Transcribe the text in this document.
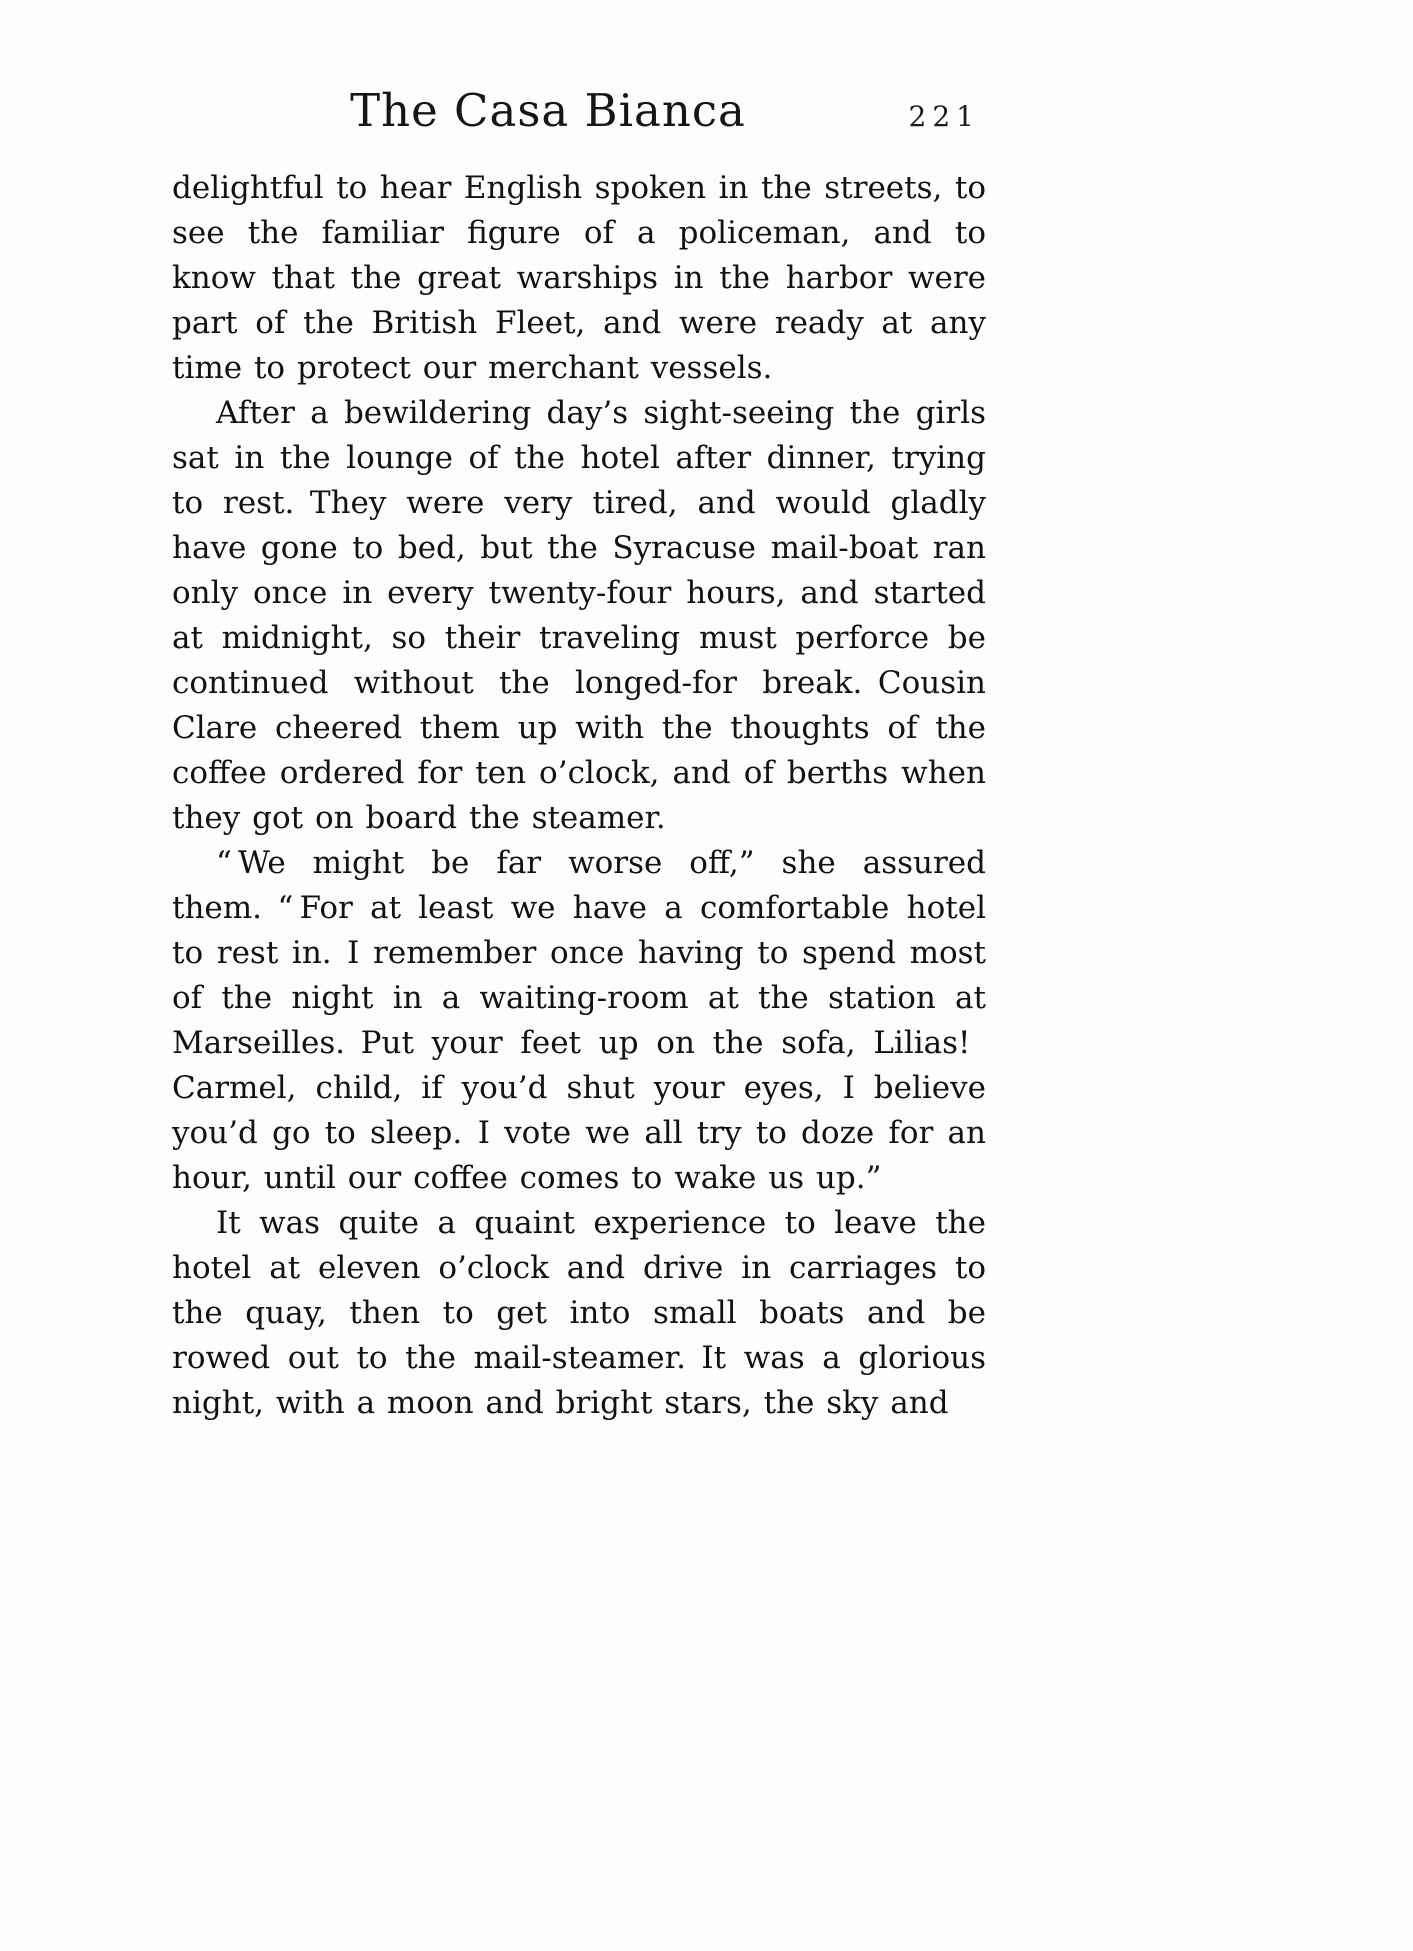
The Casa Bianca	221

delightful to hear English spoken in the streets, to see the familiar figure of a policeman, and to know that the great warships in the harbor were part of the British Fleet, and were ready at any time to protect our merchant vessels.

After a bewildering day’s sight-seeing the girls sat in the lounge of the hotel after dinner, trying to rest. They were very tired, and would gladly have gone to bed, but the Syracuse mail-boat ran only once in every twenty-four hours, and started at midnight, so their traveling must perforce be continued without the longed-for break. Cousin Clare cheered them up with the thoughts of the coffee ordered for ten o’clock, and of berths when they got on board the steamer.

“ We might be far worse off,” she assured them. “ For at least we have a comfortable hotel to rest in. I remember once having to spend most of the night in a waiting-room at the station at Marseilles. Put your feet up on the sofa, Lilias! Carmel, child, if you’d shut your eyes, I believe you’d go to sleep. I vote we all try to doze for an hour, until our coffee comes to wake us up.”

It was quite a quaint experience to leave the hotel at eleven o’clock and drive in carriages to the quay, then to get into small boats and be rowed out to the mail-steamer. It was a glorious night, with a moon and bright stars, the sky and
